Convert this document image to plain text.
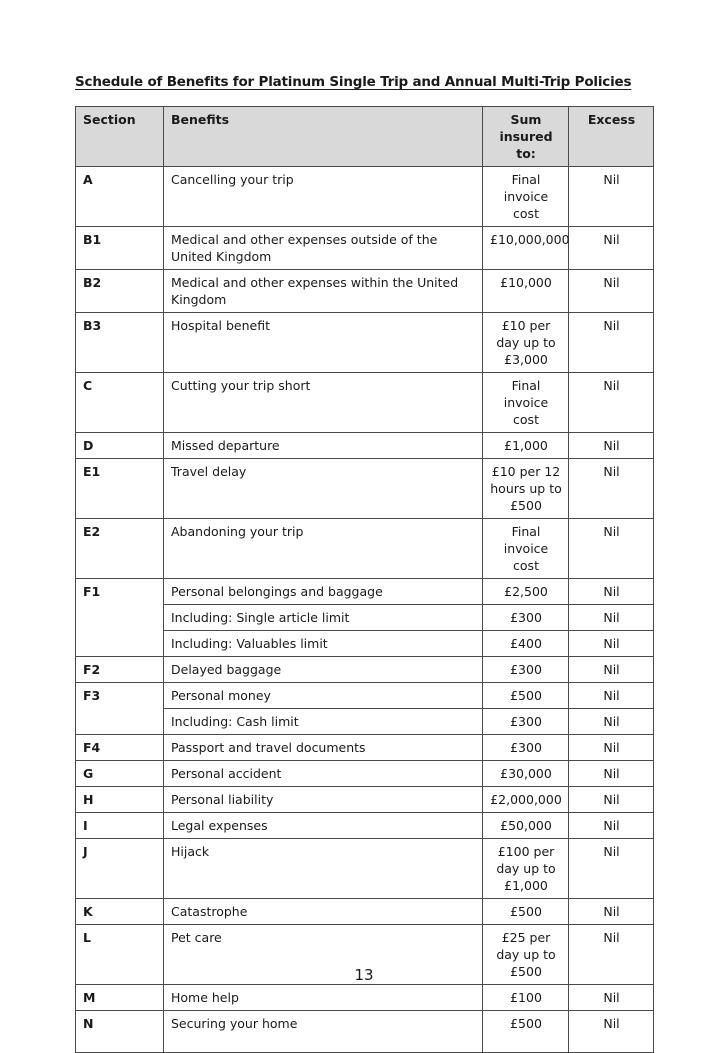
Schedule of Benefits for Platinum Single Trip and Annual Multi-Trip Policies
Section	Benefits	Sum insured to:	Excess
A	Cancelling your trip	Final invoice cost	Nil
B1	Medical and other expenses outside of the United Kingdom	£10,000,000	Nil
B2	Medical and other expenses within the United Kingdom	£10,000	Nil
B3	Hospital benefit	£10 per day up to £3,000	Nil
C	Cutting your trip short	Final invoice cost	Nil
D	Missed departure	£1,000	Nil
E1	Travel delay	£10 per 12 hours up to £500	Nil
E2	Abandoning your trip	Final invoice cost	Nil
F1	Personal belongings and baggage	£2,500	Nil
	Including: Single article limit	£300	Nil
	Including: Valuables limit	£400	Nil
F2	Delayed baggage	£300	Nil
F3	Personal money	£500	Nil
	Including: Cash limit	£300	Nil
F4	Passport and travel documents	£300	Nil
G	Personal accident	£30,000	Nil
H	Personal liability	£2,000,000	Nil
I	Legal expenses	£50,000	Nil
J	Hijack	£100 per day up to £1,000	Nil
K	Catastrophe	£500	Nil
L	Pet care	£25 per day up to £500	Nil
M	Home help	£100	Nil
N	Securing your home	£500	Nil
13
